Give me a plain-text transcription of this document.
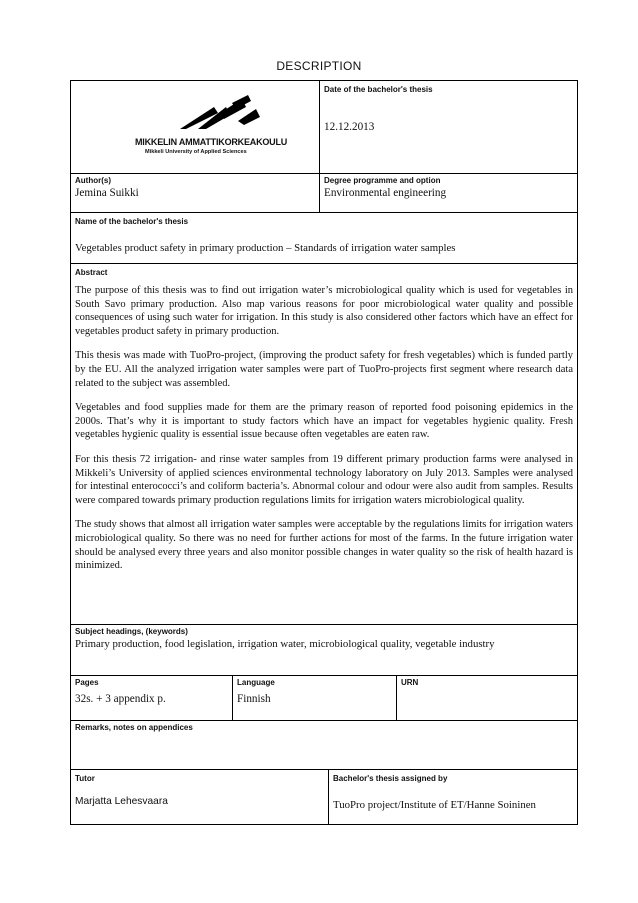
DESCRIPTION
MIKKELIN AMMATTIKORKEAKOULU
Mikkeli University of Applied Sciences
Date of the bachelor's thesis
12.12.2013
Author(s)
Jemina Suikki
Degree programme and option
Environmental engineering
Name of the bachelor's thesis
Vegetables product safety in primary production – Standards of irrigation water samples
Abstract

The purpose of this thesis was to find out irrigation water’s microbiological quality which is used for vegetables in South Savo primary production. Also map various reasons for poor microbiological water quality and possible consequences of using such water for irrigation. In this study is also considered other factors which have an effect for vegetables product safety in primary production.

This thesis was made with TuoPro-project, (improving the product safety for fresh vegetables) which is funded partly by the EU. All the analyzed irrigation water samples were part of TuoPro-projects first segment where research data related to the subject was assembled.

Vegetables and food supplies made for them are the primary reason of reported food poisoning epidemics in the 2000s. That’s why it is important to study factors which have an impact for vegetables hygienic quality. Fresh vegetables hygienic quality is essential issue because often vegetables are eaten raw.

For this thesis 72 irrigation- and rinse water samples from 19 different primary production farms were analysed in Mikkeli’s University of applied sciences environmental technology laboratory on July 2013. Samples were analysed for intestinal enterococci’s and coliform bacteria’s. Abnormal colour and odour were also audit from samples. Results were compared towards primary production regulations limits for irrigation waters microbiological quality.

The study shows that almost all irrigation water samples were acceptable by the regulations limits for irrigation waters microbiological quality. So there was no need for further actions for most of the farms. In the future irrigation water should be analysed every three years and also monitor possible changes in water quality so the risk of health hazard is minimized.

Subject headings, (keywords)
Primary production, food legislation, irrigation water, microbiological quality, vegetable industry
Pages
32s. + 3 appendix p.
Language
Finnish
URN
Remarks, notes on appendices
Tutor
Marjatta Lehesvaara
Bachelor's thesis assigned by
TuoPro project/Institute of ET/Hanne Soininen
